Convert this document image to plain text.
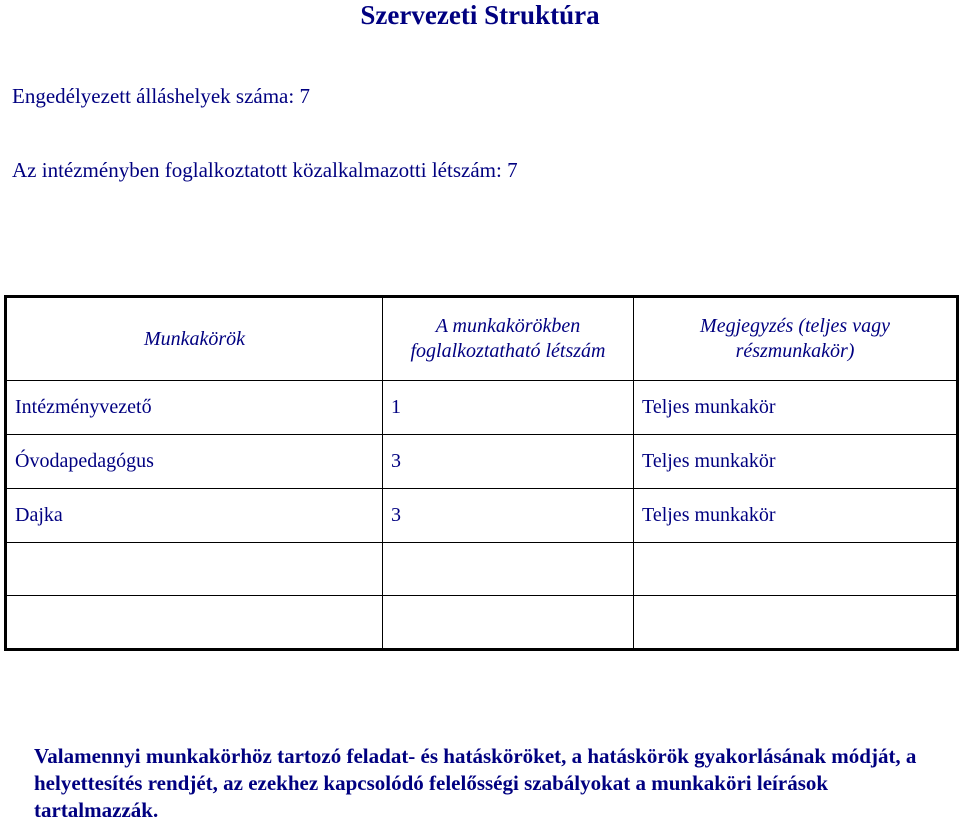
Szervezeti Struktúra
Engedélyezett álláshelyek száma: 7
Az intézményben foglalkoztatott közalkalmazotti létszám: 7
Munkakörök	A munkakörökben foglalkoztatható létszám	Megjegyzés (teljes vagy részmunkakör)
Intézményvezető	1	Teljes munkakör
Óvodapedagógus	3	Teljes munkakör
Dajka	3	Teljes munkakör

Valamennyi munkakörhöz tartozó feladat- és hatásköröket, a hatáskörök gyakorlásának módját, a helyettesítés rendjét, az ezekhez kapcsolódó felelősségi szabályokat a munkaköri leírások tartalmazzák.
